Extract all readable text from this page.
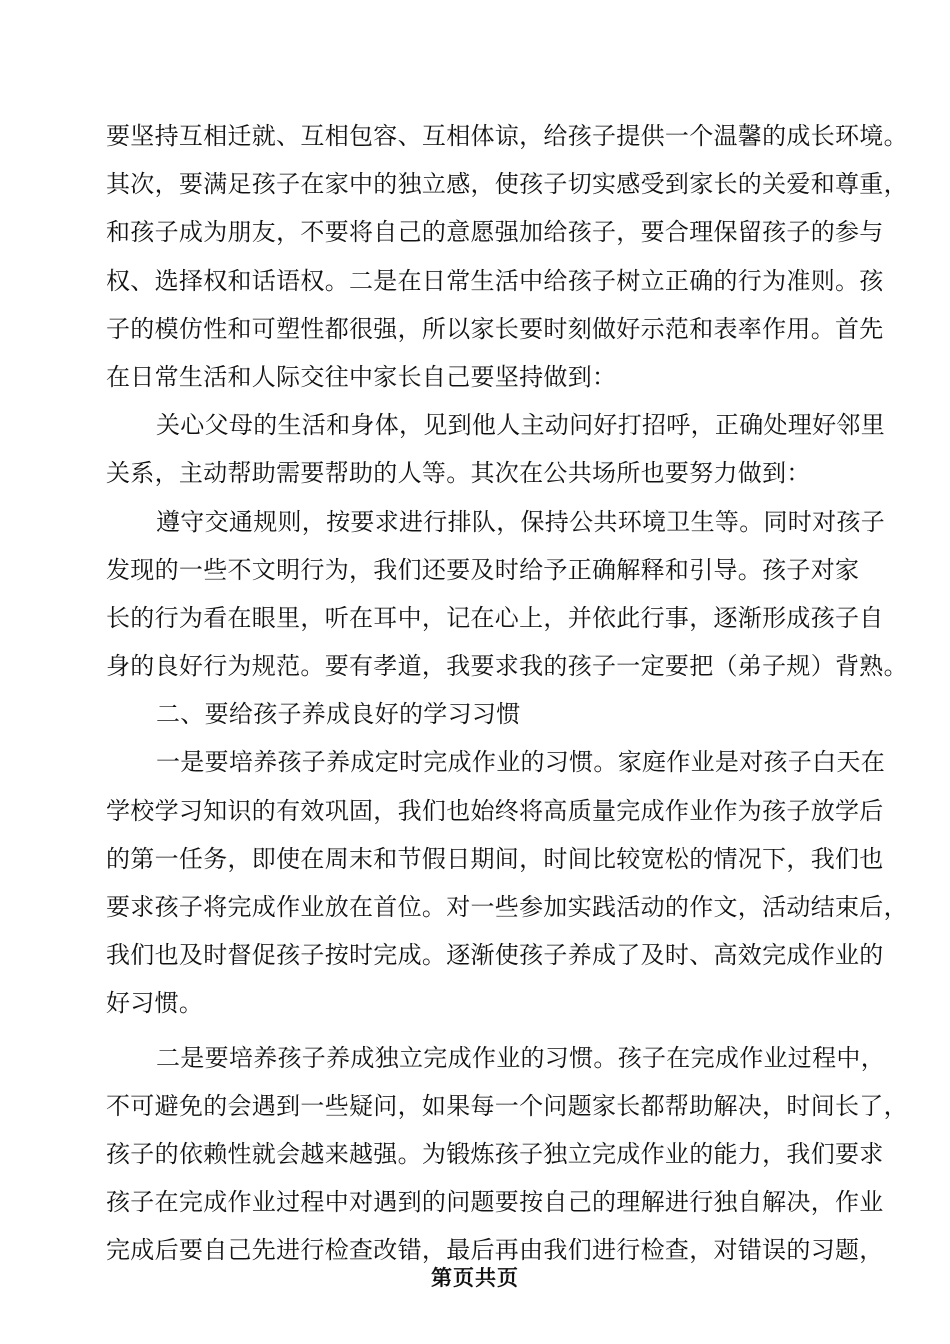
要坚持互相迁就、互相包容、互相体谅，给孩子提供一个温馨的成长环境。
其次，要满足孩子在家中的独立感，使孩子切实感受到家长的关爱和尊重，
和孩子成为朋友，不要将自己的意愿强加给孩子，要合理保留孩子的参与
权、选择权和话语权。二是在日常生活中给孩子树立正确的行为准则。孩
子的模仿性和可塑性都很强，所以家长要时刻做好示范和表率作用。首先
在日常生活和人际交往中家长自己要坚持做到：
关心父母的生活和身体，见到他人主动问好打招呼，正确处理好邻里
关系，主动帮助需要帮助的人等。其次在公共场所也要努力做到：
遵守交通规则，按要求进行排队，保持公共环境卫生等。同时对孩子
发现的一些不文明行为，我们还要及时给予正确解释和引导。孩子对家
长的行为看在眼里，听在耳中，记在心上，并依此行事，逐渐形成孩子自
身的良好行为规范。要有孝道，我要求我的孩子一定要把（弟子规）背熟。
二、要给孩子养成良好的学习习惯
一是要培养孩子养成定时完成作业的习惯。家庭作业是对孩子白天在
学校学习知识的有效巩固，我们也始终将高质量完成作业作为孩子放学后
的第一任务，即使在周末和节假日期间，时间比较宽松的情况下，我们也
要求孩子将完成作业放在首位。对一些参加实践活动的作文，活动结束后，
我们也及时督促孩子按时完成。逐渐使孩子养成了及时、高效完成作业的
好习惯。
二是要培养孩子养成独立完成作业的习惯。孩子在完成作业过程中，
不可避免的会遇到一些疑问，如果每一个问题家长都帮助解决，时间长了，
孩子的依赖性就会越来越强。为锻炼孩子独立完成作业的能力，我们要求
孩子在完成作业过程中对遇到的问题要按自己的理解进行独自解决，作业
完成后要自己先进行检查改错，最后再由我们进行检查，对错误的习题，
第页共页
